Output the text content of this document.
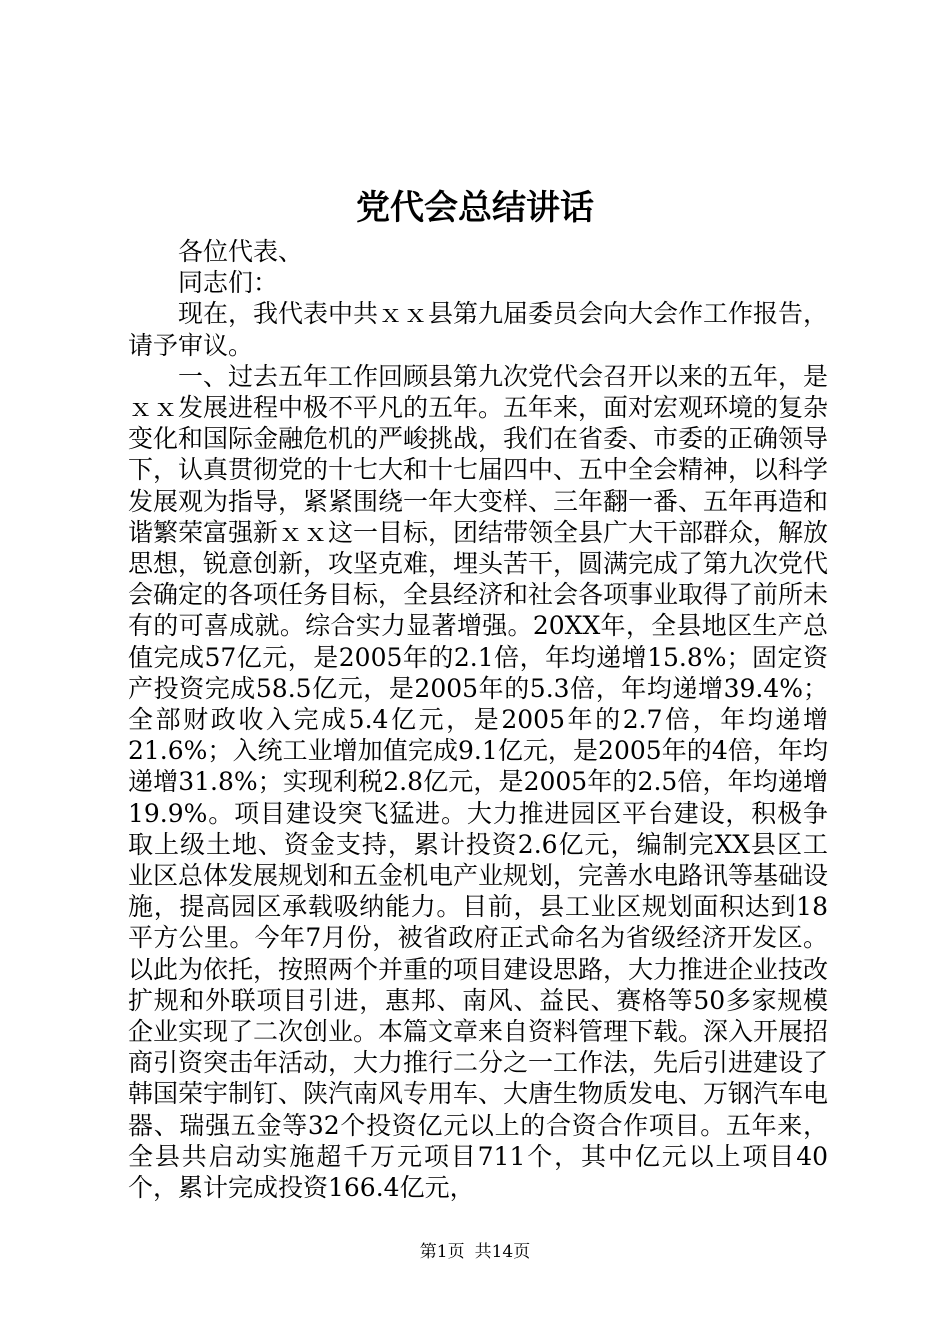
党代会总结讲话

各位代表、

同志们：

现在，我代表中共ｘｘ县第九届委员会向大会作工作报告，请予审议。

一、过去五年工作回顾县第九次党代会召开以来的五年，是ｘｘ发展进程中极不平凡的五年。五年来，面对宏观环境的复杂变化和国际金融危机的严峻挑战，我们在省委、市委的正确领导下，认真贯彻党的十七大和十七届四中、五中全会精神，以科学发展观为指导，紧紧围绕一年大变样、三年翻一番、五年再造和谐繁荣富强新ｘｘ这一目标，团结带领全县广大干部群众，解放思想，锐意创新，攻坚克难，埋头苦干，圆满完成了第九次党代会确定的各项任务目标，全县经济和社会各项事业取得了前所未有的可喜成就。综合实力显著增强。20XX年，全县地区生产总值完成57亿元，是2005年的2.1倍，年均递增15.8%；固定资产投资完成58.5亿元，是2005年的5.3倍，年均递增39.4%；全部财政收入完成5.4亿元，是2005年的2.7倍，年均递增21.6%；入统工业增加值完成9.1亿元，是2005年的4倍，年均递增31.8%；实现利税2.8亿元，是2005年的2.5倍，年均递增19.9%。项目建设突飞猛进。大力推进园区平台建设，积极争取上级土地、资金支持，累计投资2.6亿元，编制完XX县区工业区总体发展规划和五金机电产业规划，完善水电路讯等基础设施，提高园区承载吸纳能力。目前，县工业区规划面积达到18平方公里。今年7月份，被省政府正式命名为省级经济开发区。以此为依托，按照两个并重的项目建设思路，大力推进企业技改扩规和外联项目引进，惠邦、南风、益民、赛格等50多家规模企业实现了二次创业。本篇文章来自资料管理下载。深入开展招商引资突击年活动，大力推行二分之一工作法，先后引进建设了韩国荣宇制钉、陕汽南风专用车、大唐生物质发电、万钢汽车电器、瑞强五金等32个投资亿元以上的合资合作项目。五年来，全县共启动实施超千万元项目711个，其中亿元以上项目40个，累计完成投资166.4亿元，

第1页 共14页
